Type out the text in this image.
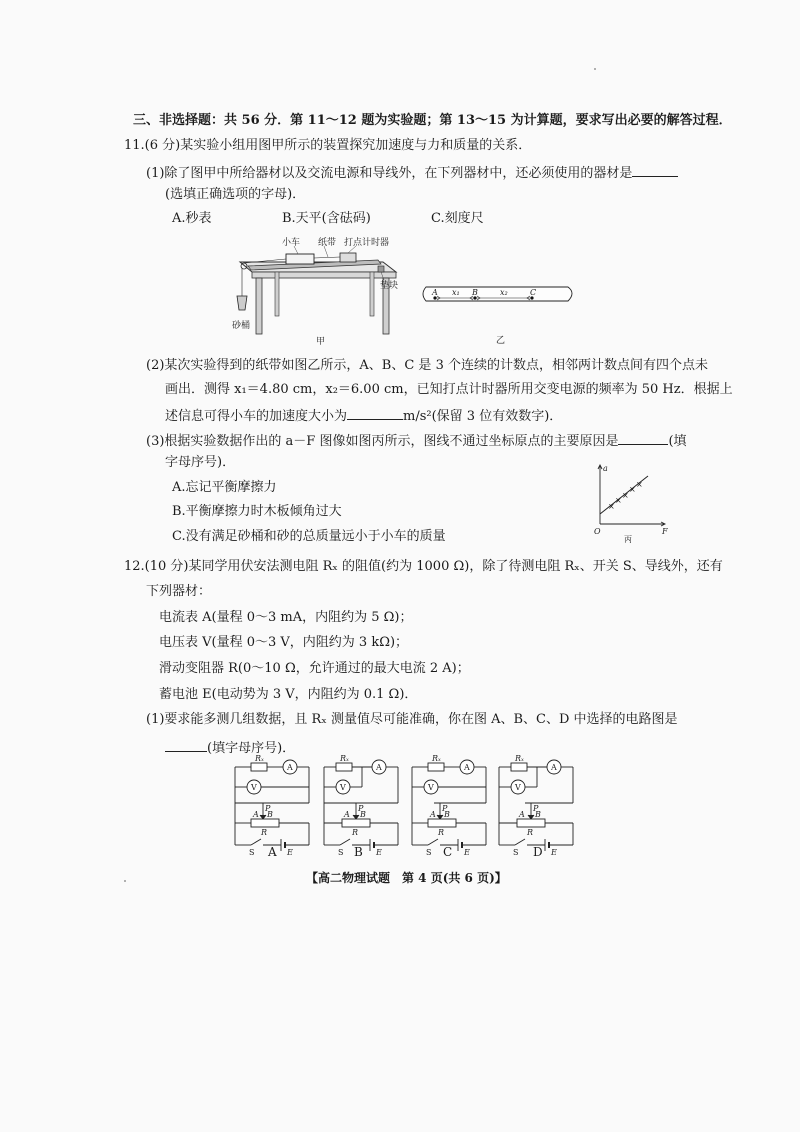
三、非选择题：共 56 分．第 11～12 题为实验题；第 13～15 为计算题，要求写出必要的解答过程．
11.(6 分)某实验小组用图甲所示的装置探究加速度与力和质量的关系．
(1)除了图甲中所给器材以及交流电源和导线外，在下列器材中，还必须使用的器材是
(选填正确选项的字母)．
A.秒表	B.天平(含砝码)	C.刻度尺
小车 纸带 打点计时器
垫块
砂桶
甲
A x₁ B	x₂	C
乙
(2)某次实验得到的纸带如图乙所示，A、B、C 是 3 个连续的计数点，相邻两计数点间有四个点未
画出．测得 x₁＝4.80 cm，x₂＝6.00 cm，已知打点计时器所用交变电源的频率为 50 Hz．根据上
述信息可得小车的加速度大小为	m/s²(保留 3 位有效数字)．
(3)根据实验数据作出的 a－F 图像如图丙所示，图线不通过坐标原点的主要原因是	(填
字母序号)．
A.忘记平衡摩擦力
B.平衡摩擦力时木板倾角过大
C.没有满足砂桶和砂的总质量远小于小车的质量
×
×
×
×
×
a
F
O
丙
12.(10 分)某同学用伏安法测电阻 Rₓ 的阻值(约为 1000 Ω)，除了待测电阻 Rₓ、开关 S、导线外，还有
下列器材：
电流表 A(量程 0～3 mA，内阻约为 5 Ω)；
电压表 V(量程 0～3 V，内阻约为 3 kΩ)；
滑动变阻器 R(0～10 Ω，允许通过的最大电流 2 A)；
蓄电池 E(电动势为 3 V，内阻约为 0.1 Ω)．
(1)要求能多测几组数据，且 Rₓ 测量值尽可能准确，你在图 A、B、C、D 中选择的电路图是
(填字母序号)．
Rₓ
A
V
P
A B
R
S	E
A
Rₓ
A
V
P
A B
R
S	E
B
Rₓ
A
V
P
A B
R
S	E
C
Rₓ
A
V
P
A B
R
S	E
D
【高二物理试题　第 4 页(共 6 页)】
